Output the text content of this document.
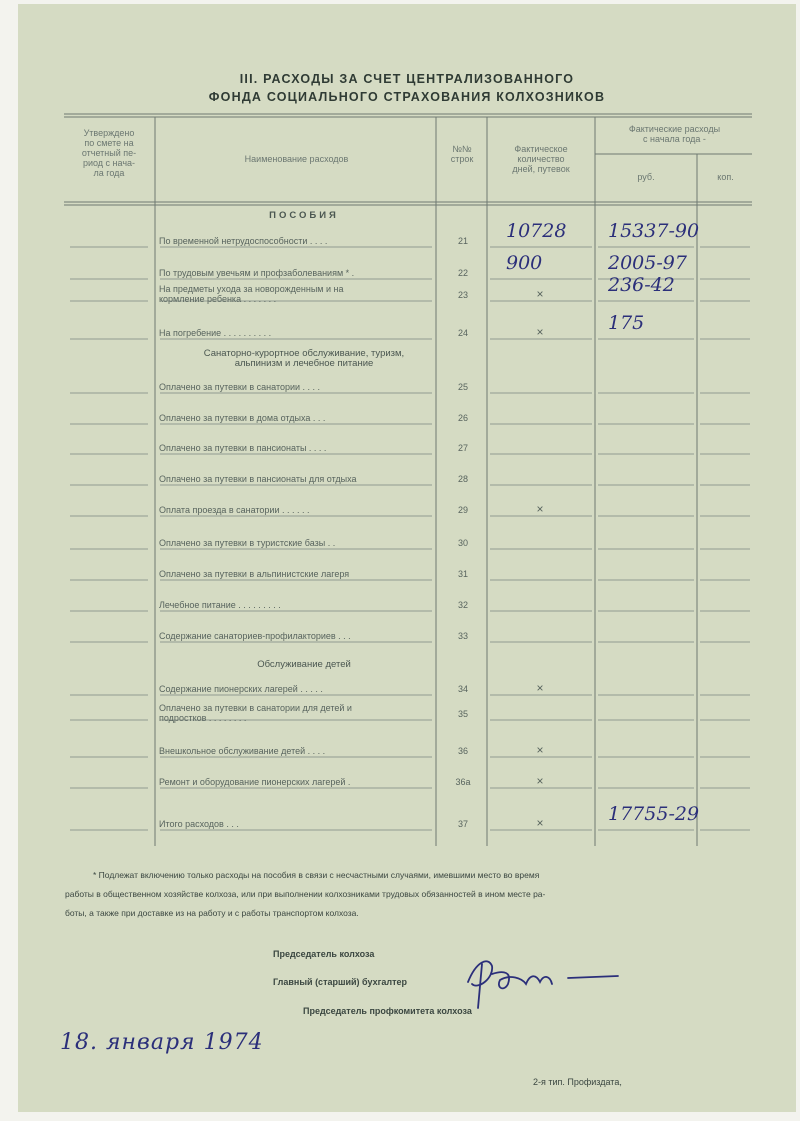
III. РАСХОДЫ ЗА СЧЕТ ЦЕНТРАЛИЗОВАННОГО
ФОНДА СОЦИАЛЬНОГО СТРАХОВАНИЯ КОЛХОЗНИКОВ
Утверждено
по смете на
отчетный пе-
риод с нача-
ла года
Наименование расходов
№№
строк
Фактическое
количество
дней, путевок
Фактические расходы
с начала года -
руб.	коп.
ПОСОБИЯ
Санаторно-курортное обслуживание, туризм,
альпинизм и лечебное питание
Обслуживание детей
По временной нетрудоспособности . . . .	21	10728 15337-90
По трудовым увечьям и профзаболеваниям * .	22	900	2005-97
На предметы ухода за новорожденным и на
кормление ребенка . . . . . . .	23	×	236-42
На погребение . . . . . . . . . .	24	×	175
Оплачено за путевки в санатории . . . .	25
Оплачено за путевки в дома отдыха . . .	26
Оплачено за путевки в пансионаты . . . .	27
Оплачено за путевки в пансионаты для отдыха	28
Оплата проезда в санатории . . . . . .	29	×
Оплачено за путевки в туристские базы . .	30
Оплачено за путевки в альпинистские лагеря	31
Лечебное питание . . . . . . . . .	32
Содержание санаториев-профилакториев . . .	33
Содержание пионерских лагерей . . . . .	34	×
Оплачено за путевки в санатории для детей и
подростков . . . . . . . .	35
Внешкольное обслуживание детей . . . .	36	×
Ремонт и оборудование пионерских лагерей .	36а	×
Итого расходов . . .	37	×	17755-29
* Подлежат включению только расходы на пособия в связи с несчастными случаями, имевшими место во время
работы в общественном хозяйстве колхоза, или при выполнении колхозниками трудовых обязанностей в ином месте ра-
боты, а также при доставке из на работу и с работы транспортом колхоза.
Председатель колхоза
Главный (старший) бухгалтер
Председатель профкомитета колхоза
18. января 1974
2-я тип. Профиздата,
